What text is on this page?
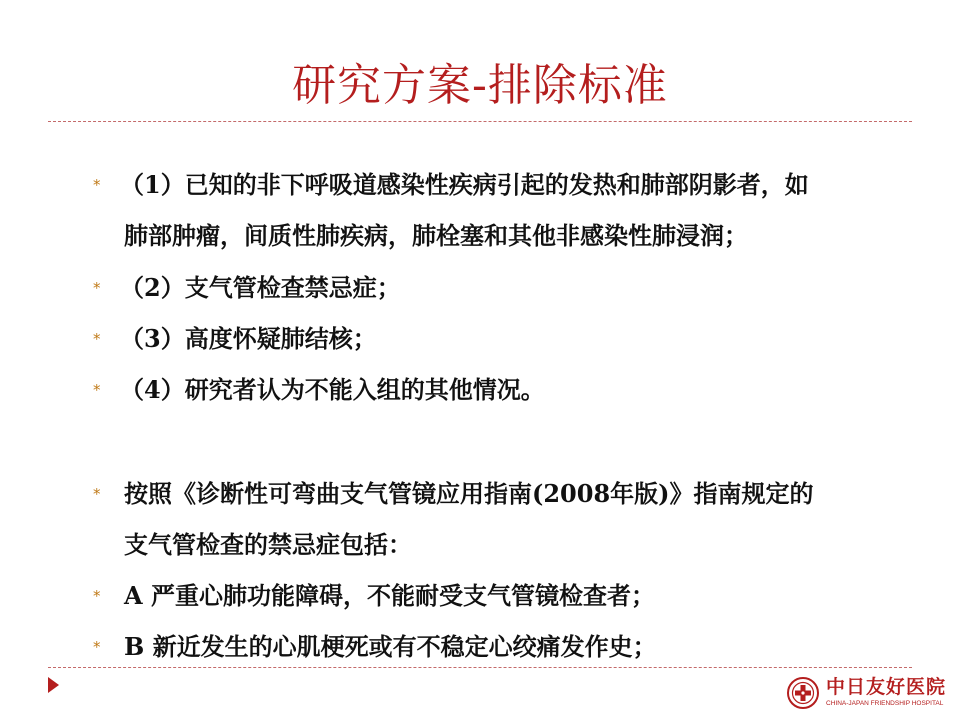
研究方案-排除标准
* （1）已知的非下呼吸道感染性疾病引起的发热和肺部阴影者，如
肺部肿瘤，间质性肺疾病，肺栓塞和其他非感染性肺浸润；
* （2）支气管检查禁忌症；
* （3）高度怀疑肺结核；
* （4）研究者认为不能入组的其他情况。
* 按照《诊断性可弯曲支气管镜应用指南(2008年版)》指南规定的
支气管检查的禁忌症包括：
* A 严重心肺功能障碍，不能耐受支气管镜检查者；
* B 新近发生的心肌梗死或有不稳定心绞痛发作史；
中日友好医院
CHINA-JAPAN FRIENDSHIP HOSPITAL
